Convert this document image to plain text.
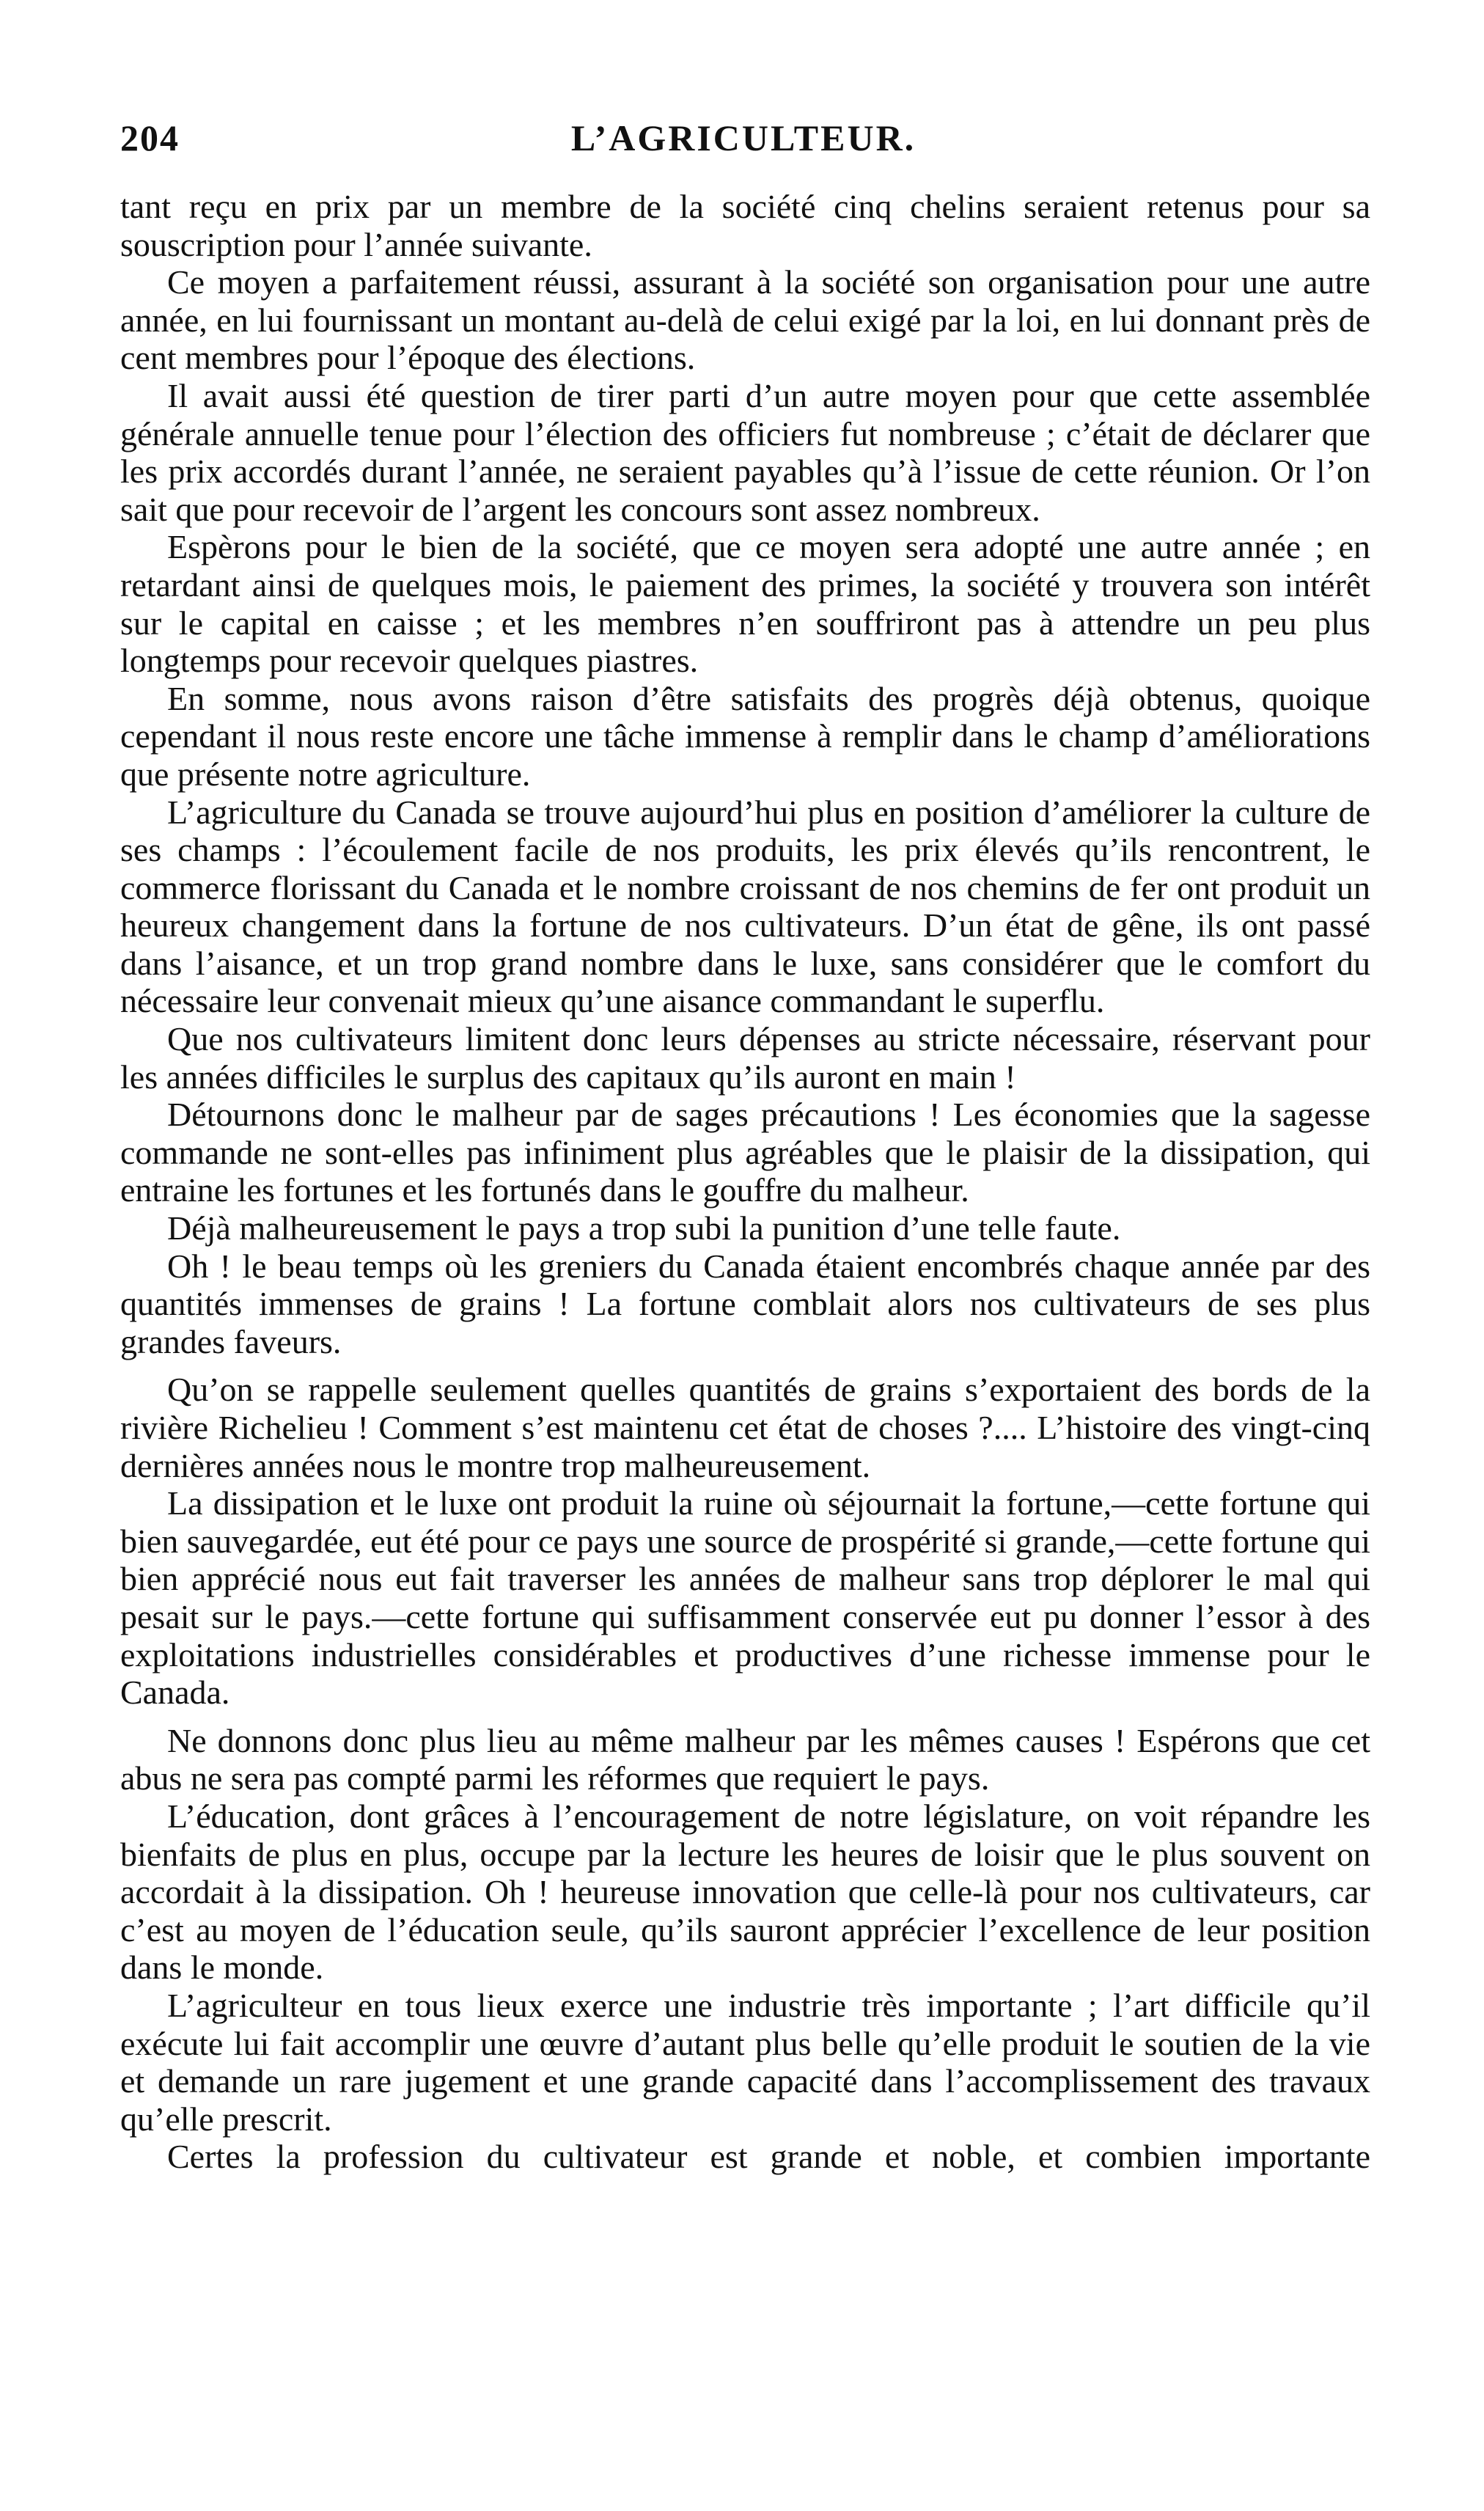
204	L’AGRICULTEUR.

tant reçu en prix par un membre de la société cinq chelins seraient retenus pour sa souscription pour l’année suivante.

Ce moyen a parfaitement réussi, assurant à la société son organisation pour une autre année, en lui fournissant un montant au-delà de celui exigé par la loi, en lui donnant près de cent membres pour l’époque des élections.

Il avait aussi été question de tirer parti d’un autre moyen pour que cette assemblée générale annuelle tenue pour l’élection des officiers fut nombreuse ; c’était de déclarer que les prix accordés durant l’année, ne seraient payables qu’à l’issue de cette réunion. Or l’on sait que pour recevoir de l’argent les concours sont assez nombreux.

Espèrons pour le bien de la société, que ce moyen sera adopté une autre année ; en retardant ainsi de quelques mois, le paiement des primes, la société y trouvera son intérêt sur le capital en caisse ; et les membres n’en souffriront pas à attendre un peu plus longtemps pour recevoir quelques piastres.

En somme, nous avons raison d’être satisfaits des progrès déjà obtenus, quoique cependant il nous reste encore une tâche immense à remplir dans le champ d’améliorations que présente notre agriculture.

L’agriculture du Canada se trouve aujourd’hui plus en position d’améliorer la culture de ses champs : l’écoulement facile de nos produits, les prix élevés qu’ils rencontrent, le commerce florissant du Canada et le nombre croissant de nos chemins de fer ont produit un heureux changement dans la fortune de nos cultivateurs. D’un état de gêne, ils ont passé dans l’aisance, et un trop grand nombre dans le luxe, sans considérer que le comfort du nécessaire leur convenait mieux qu’une aisance commandant le superflu.

Que nos cultivateurs limitent donc leurs dépenses au stricte nécessaire, réservant pour les années difficiles le surplus des capitaux qu’ils auront en main !

Détournons donc le malheur par de sages précautions ! Les économies que la sagesse commande ne sont-elles pas infiniment plus agréables que le plaisir de la dissipation, qui entraine les fortunes et les fortunés dans le gouffre du malheur.

Déjà malheureusement le pays a trop subi la punition d’une telle faute.

Oh ! le beau temps où les greniers du Canada étaient encombrés chaque année par des quantités immenses de grains ! La fortune comblait alors nos cultivateurs de ses plus grandes faveurs.

Qu’on se rappelle seulement quelles quantités de grains s’exportaient des bords de la rivière Richelieu ! Comment s’est maintenu cet état de choses ?.... L’histoire des vingt-cinq dernières années nous le montre trop malheureusement.

La dissipation et le luxe ont produit la ruine où séjournait la fortune,—cette fortune qui bien sauvegardée, eut été pour ce pays une source de prospérité si grande,—cette fortune qui bien apprécié nous eut fait traverser les années de malheur sans trop déplorer le mal qui pesait sur le pays.—cette fortune qui suffisamment conservée eut pu donner l’essor à des exploitations industrielles considérables et productives d’une richesse immense pour le Canada.

Ne donnons donc plus lieu au même malheur par les mêmes causes ! Espérons que cet abus ne sera pas compté parmi les réformes que requiert le pays.

L’éducation, dont grâces à l’encouragement de notre législature, on voit répandre les bienfaits de plus en plus, occupe par la lecture les heures de loisir que le plus souvent on accordait à la dissipation. Oh ! heureuse innovation que celle-là pour nos cultivateurs, car c’est au moyen de l’éducation seule, qu’ils sauront apprécier l’excellence de leur position dans le monde.

L’agriculteur en tous lieux exerce une industrie très importante ; l’art difficile qu’il exécute lui fait accomplir une œuvre d’autant plus belle qu’elle produit le soutien de la vie et demande un rare jugement et une grande capacité dans l’accomplissement des travaux qu’elle prescrit.

Certes la profession du cultivateur est grande et noble, et combien importante
